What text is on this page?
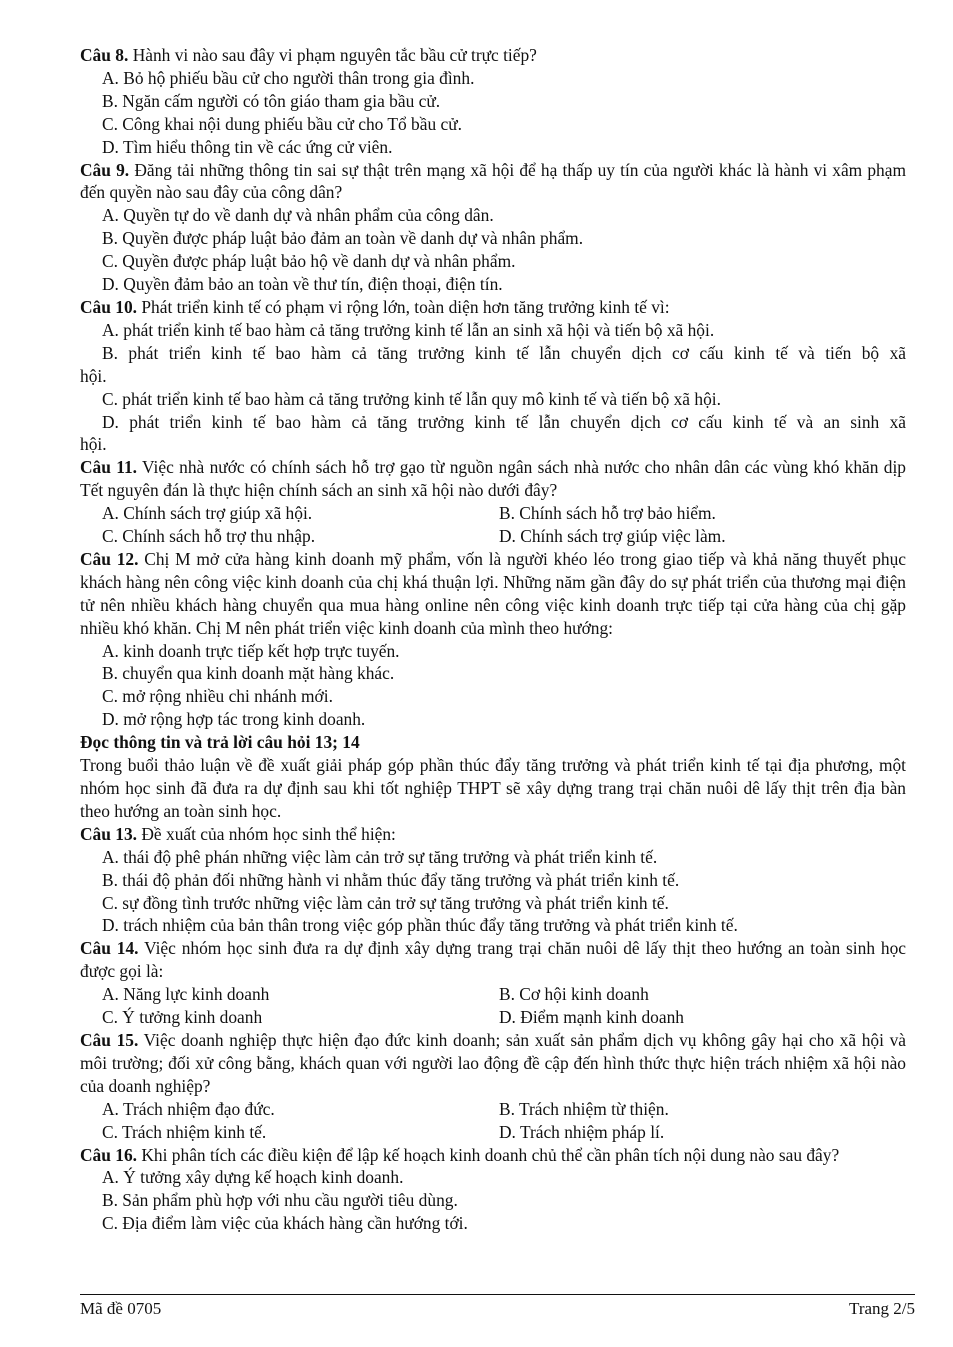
Câu 8. Hành vi nào sau đây vi phạm nguyên tắc bầu cử trực tiếp?
A. Bỏ hộ phiếu bầu cử cho người thân trong gia đình.
B. Ngăn cấm người có tôn giáo tham gia bầu cử.
C. Công khai nội dung phiếu bầu cử cho Tổ bầu cử.
D. Tìm hiểu thông tin về các ứng cử viên.
Câu 9. Đăng tải những thông tin sai sự thật trên mạng xã hội để hạ thấp uy tín của người khác là hành vi xâm phạm đến quyền nào sau đây của công dân?
A. Quyền tự do về danh dự và nhân phẩm của công dân.
B. Quyền được pháp luật bảo đảm an toàn về danh dự và nhân phẩm.
C. Quyền được pháp luật bảo hộ về danh dự và nhân phẩm.
D. Quyền đảm bảo an toàn về thư tín, điện thoại, điện tín.
Câu 10. Phát triển kinh tế có phạm vi rộng lớn, toàn diện hơn tăng trưởng kinh tế vì:
A. phát triển kinh tế bao hàm cả tăng trưởng kinh tế lẫn an sinh xã hội và tiến bộ xã hội.
B. phát triển kinh tế bao hàm cả tăng trưởng kinh tế lẫn chuyển dịch cơ cấu kinh tế và tiến bộ xã
hội.
C. phát triển kinh tế bao hàm cả tăng trưởng kinh tế lẫn quy mô kinh tế và tiến bộ xã hội.
D. phát triển kinh tế bao hàm cả tăng trưởng kinh tế lẫn chuyển dịch cơ cấu kinh tế và an sinh xã
hội.
Câu 11. Việc nhà nước có chính sách hỗ trợ gạo từ nguồn ngân sách nhà nước cho nhân dân các vùng khó khăn dịp Tết nguyên đán là thực hiện chính sách an sinh xã hội nào dưới đây?
A. Chính sách trợ giúp xã hội.	B. Chính sách hỗ trợ bảo hiểm.
C. Chính sách hỗ trợ thu nhập.	D. Chính sách trợ giúp việc làm.
Câu 12. Chị M mở cửa hàng kinh doanh mỹ phẩm, vốn là người khéo léo trong giao tiếp và khả năng thuyết phục khách hàng nên công việc kinh doanh của chị khá thuận lợi. Những năm gần đây do sự phát triển của thương mại điện tử nên nhiều khách hàng chuyển qua mua hàng online nên công việc kinh doanh trực tiếp tại cửa hàng của chị gặp nhiều khó khăn. Chị M nên phát triển việc kinh doanh của mình theo hướng:
A. kinh doanh trực tiếp kết hợp trực tuyến.
B. chuyển qua kinh doanh mặt hàng khác.
C. mở rộng nhiều chi nhánh mới.
D. mở rộng hợp tác trong kinh doanh.
Đọc thông tin và trả lời câu hỏi 13; 14
Trong buổi thảo luận về đề xuất giải pháp góp phần thúc đẩy tăng trưởng và phát triển kinh tế tại địa phương, một nhóm học sinh đã đưa ra dự định sau khi tốt nghiệp THPT sẽ xây dựng trang trại chăn nuôi dê lấy thịt trên địa bàn theo hướng an toàn sinh học.
Câu 13. Đề xuất của nhóm học sinh thể hiện:
A. thái độ phê phán những việc làm cản trở sự tăng trưởng và phát triển kinh tế.
B. thái độ phản đối những hành vi nhằm thúc đẩy tăng trưởng và phát triển kinh tế.
C. sự đồng tình trước những việc làm cản trở sự tăng trưởng và phát triển kinh tế.
D. trách nhiệm của bản thân trong việc góp phần thúc đẩy tăng trưởng và phát triển kinh tế.
Câu 14. Việc nhóm học sinh đưa ra dự định xây dựng trang trại chăn nuôi dê lấy thịt theo hướng an toàn sinh học được gọi là:
A. Năng lực kinh doanh	B. Cơ hội kinh doanh
C. Ý tưởng kinh doanh	D. Điểm mạnh kinh doanh
Câu 15. Việc doanh nghiệp thực hiện đạo đức kinh doanh; sản xuất sản phẩm dịch vụ không gây hại cho xã hội và môi trường; đối xử công bằng, khách quan với người lao động đề cập đến hình thức thực hiện trách nhiệm xã hội nào của doanh nghiệp?
A. Trách nhiệm đạo đức.	B. Trách nhiệm từ thiện.
C. Trách nhiệm kinh tế.	D. Trách nhiệm pháp lí.
Câu 16. Khi phân tích các điều kiện để lập kế hoạch kinh doanh chủ thể cần phân tích nội dung nào sau đây?
A. Ý tưởng xây dựng kế hoạch kinh doanh.
B. Sản phẩm phù hợp với nhu cầu người tiêu dùng.
C. Địa điểm làm việc của khách hàng cần hướng tới.
Mã đề 0705	Trang 2/5
